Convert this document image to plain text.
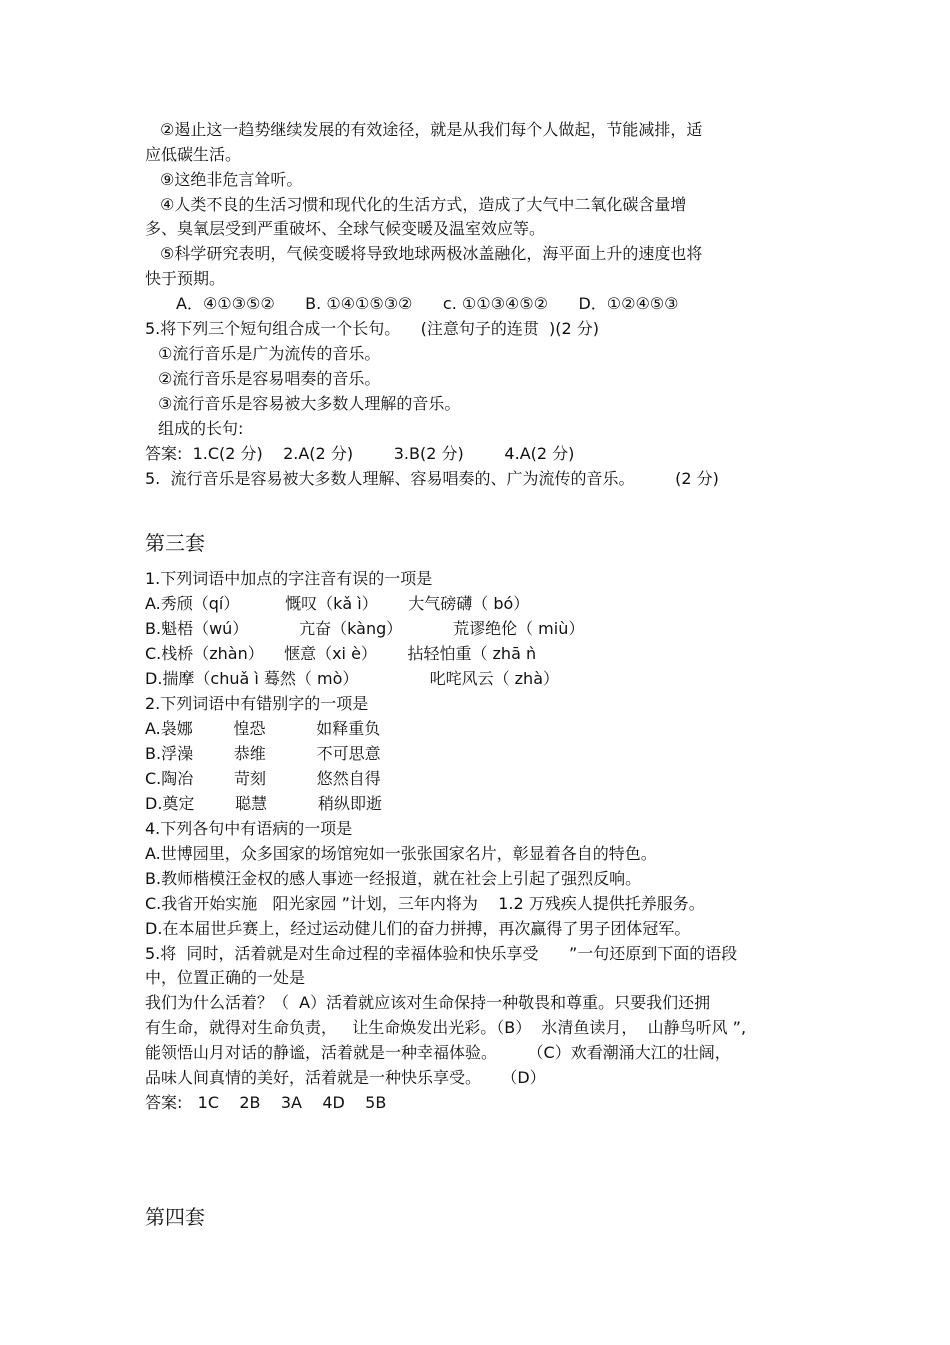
②遏止这一趋势继续发展的有效途径，就是从我们每个人做起，节能减排，适
应低碳生活。
⑨这绝非危言耸听。
④人类不良的生活习惯和现代化的生活方式，造成了大气中二氧化碳含量增
多、臭氧层受到严重破坏、全球气候变暖及温室效应等。
⑤科学研究表明，气候变暖将导致地球两极冰盖融化，海平面上升的速度也将
快于预期。
A．④①③⑤②      B. ①④①⑤③②      c. ①①③④⑤②      D．①②④⑤③
5.将下列三个短句组合成一个长句。    (注意句子的连贯  )(2 分)
①流行音乐是广为流传的音乐。
②流行音乐是容易唱奏的音乐。
③流行音乐是容易被大多数人理解的音乐。
组成的长句:
答案:  1.C(2 分)    2.A(2 分)        3.B(2 分)        4.A(2 分)
5.  流行音乐是容易被大多数人理解、容易唱奏的、广为流传的音乐。        (2 分)
第三套
1.下列词语中加点的字注音有误的一项是
A.秀颀（qí）         慨叹（kǎ ì）      大气磅礴（ bó）
B.魁梧（wú）          亢奋（kàng）          荒谬绝伦（ miù）
C.栈桥（zhàn）    惬意（xi è）      拈轻怕重（ zhā ǹ
D.揣摩（chuǎ ì 蓦然（ mò）              叱咤风云（ zhà）
2.下列词语中有错别字的一项是
A.袅娜        惶恐          如释重负
B.浮澡        恭维          不可思意
C.陶冶        苛刻          悠然自得
D.奠定        聪慧          稍纵即逝
4.下列各句中有语病的一项是
A.世博园里，众多国家的场馆宛如一张张国家名片，彰显着各自的特色。
B.教师楷模汪金权的感人事迹一经报道，就在社会上引起了强烈反响。
C.我省开始实施   阳光家园 ”计划，三年内将为    1.2 万残疾人提供托养服务。
D.在本届世乒赛上，经过运动健儿们的奋力拼搏，再次赢得了男子团体冠军。
5.将  同时，活着就是对生命过程的幸福体验和快乐享受      ”一句还原到下面的语段
中，位置正确的一处是
我们为什么活着？（  A）活着就应该对生命保持一种敬畏和尊重。只要我们还拥
有生命，就得对生命负责，   让生命焕发出光彩。（B）  氷清鱼读月，  山静鸟听风 ”,
能领悟山月对话的静谧，活着就是一种幸福体验。      （C）欢看潮涌大江的壮阔，
品味人间真情的美好，活着就是一种快乐享受。    （D）
答案:   1C    2B    3A    4D    5B
第四套
